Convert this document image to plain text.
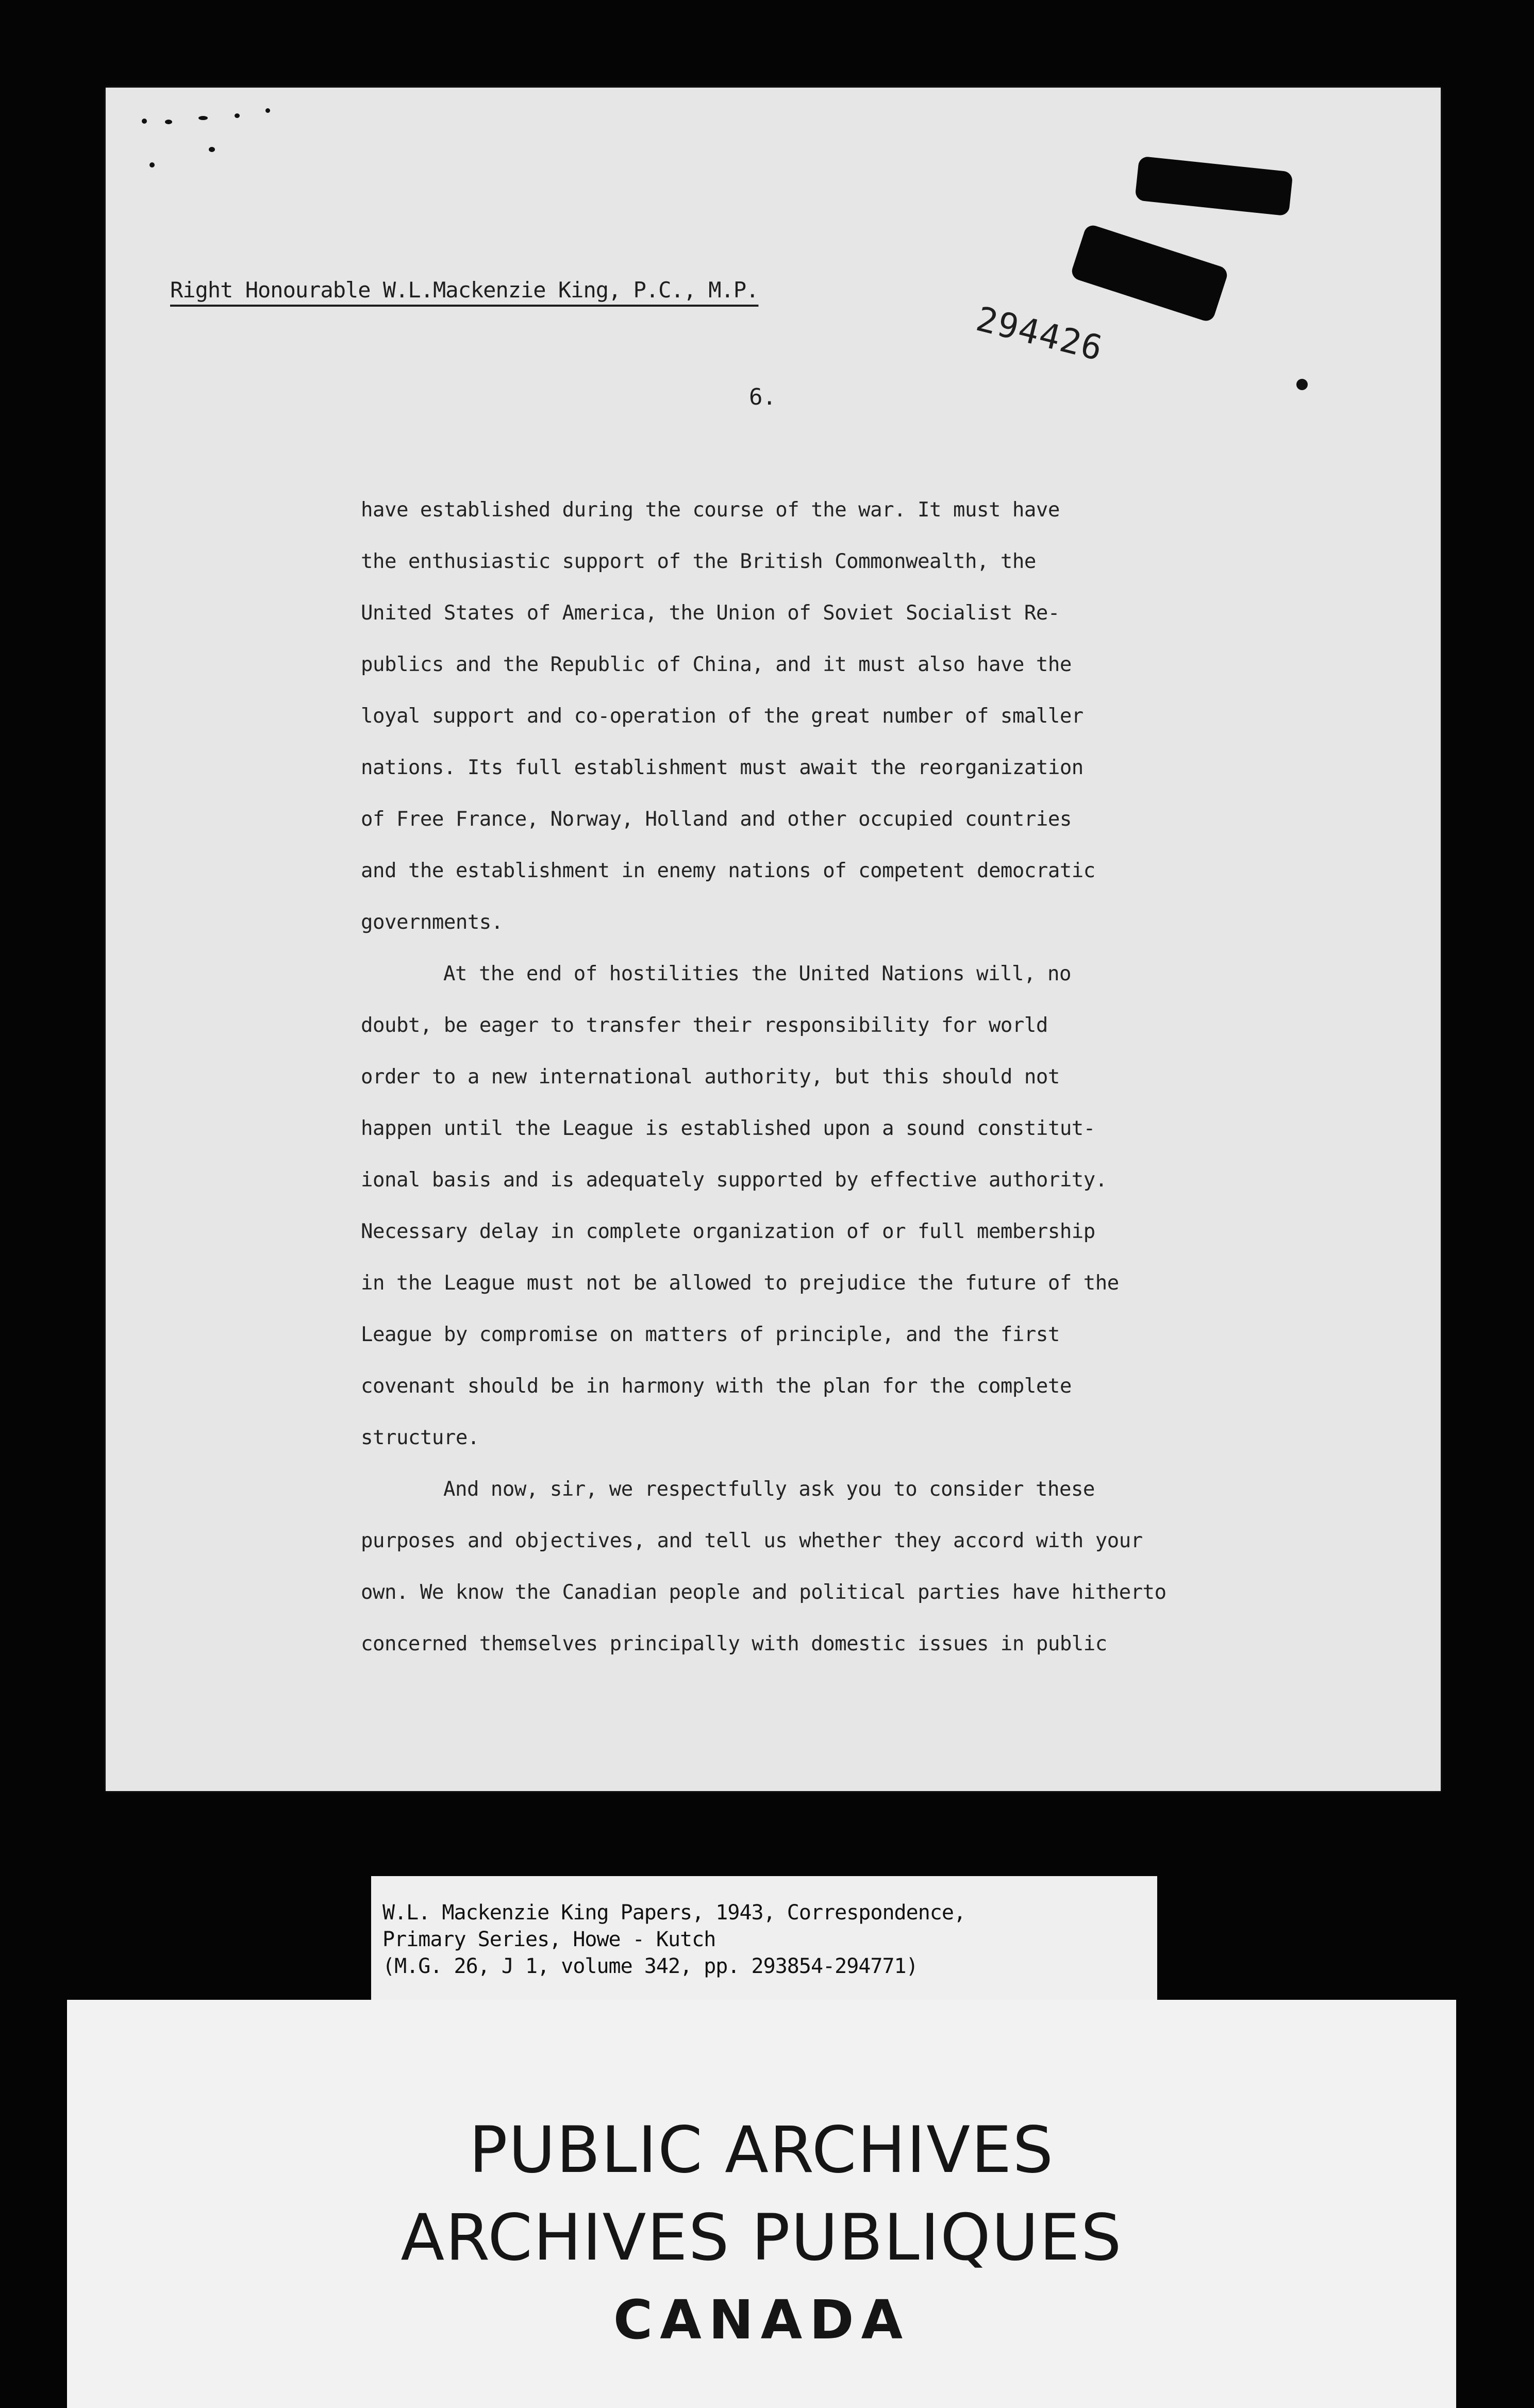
Right Honourable W.L.Mackenzie King, P.C., M.P.
294426
6.
have established during the course of the war. It must have
the enthusiastic support of the British Commonwealth, the
United States of America, the Union of Soviet Socialist Re-
publics and the Republic of China, and it must also have the
loyal support and co-operation of the great number of smaller
nations. Its full establishment must await the reorganization
of Free France, Norway, Holland and other occupied countries
and the establishment in enemy nations of competent democratic
governments.
At the end of hostilities the United Nations will, no
doubt, be eager to transfer their responsibility for world
order to a new international authority, but this should not
happen until the League is established upon a sound constitut-
ional basis and is adequately supported by effective authority.
Necessary delay in complete organization of or full membership
in the League must not be allowed to prejudice the future of the
League by compromise on matters of principle, and the first
covenant should be in harmony with the plan for the complete
structure.
And now, sir, we respectfully ask you to consider these
purposes and objectives, and tell us whether they accord with your
own. We know the Canadian people and political parties have hitherto
concerned themselves principally with domestic issues in public
W.L. Mackenzie King Papers, 1943, Correspondence,
Primary Series, Howe - Kutch
(M.G. 26, J 1, volume 342, pp. 293854-294771)
PUBLIC ARCHIVES
ARCHIVES PUBLIQUES
CANADA
